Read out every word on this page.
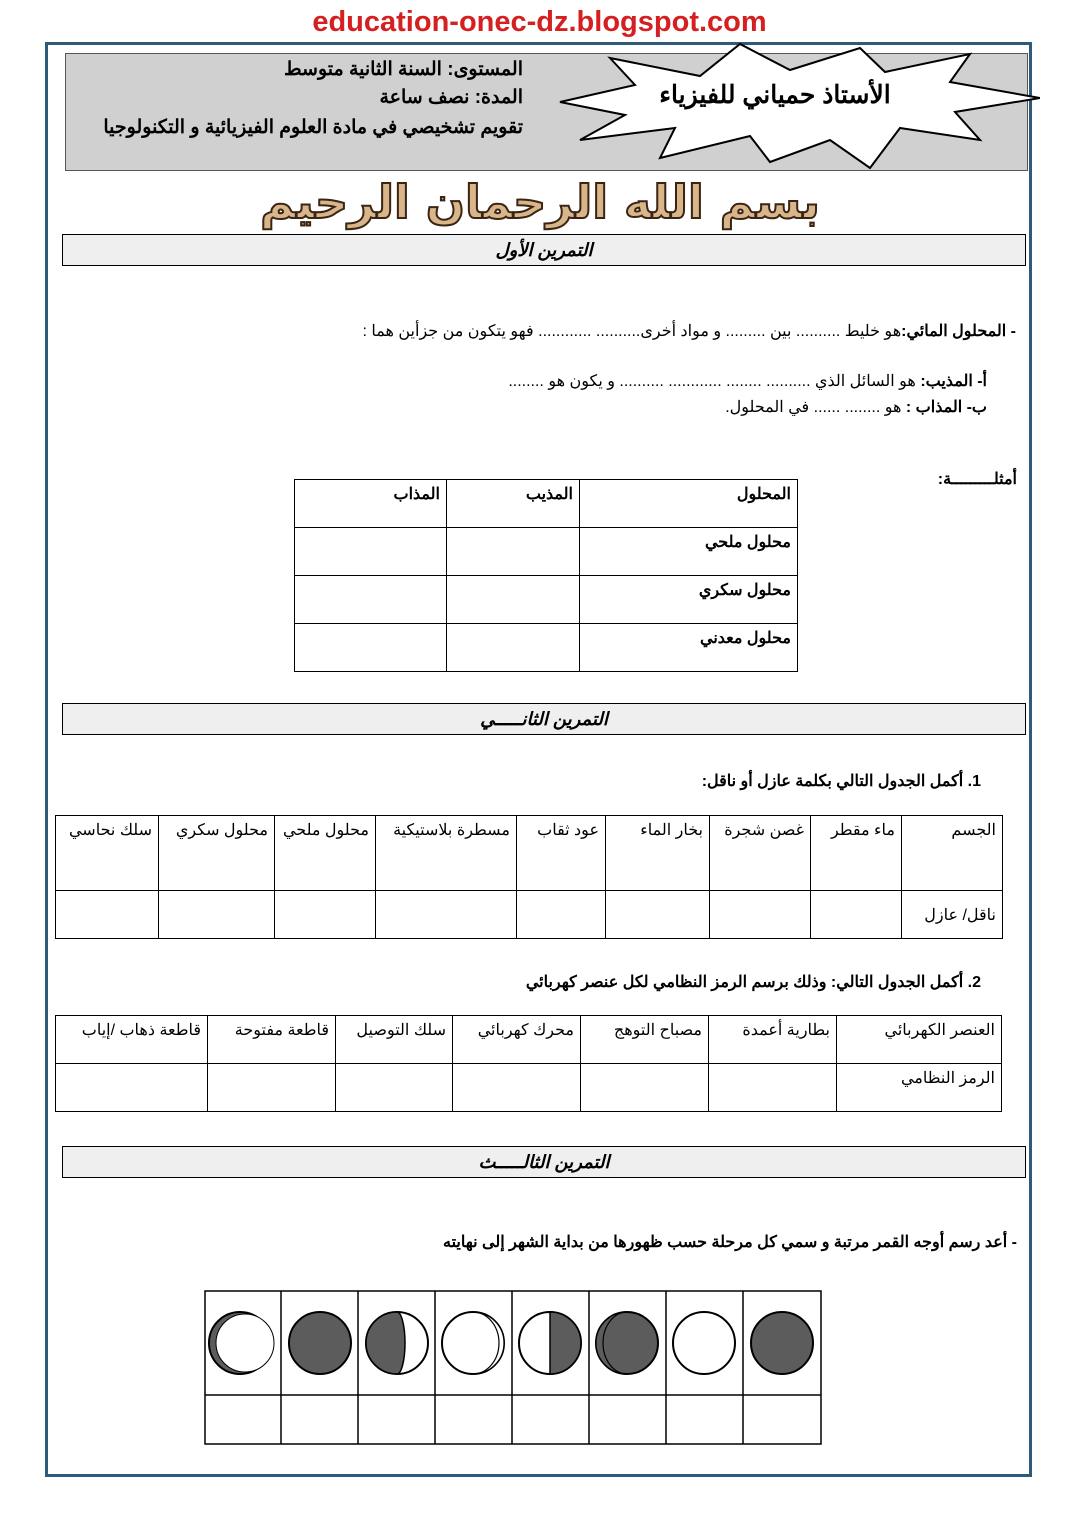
education-onec-dz.blogspot.com
المستوى: السنة الثانية متوسط
المدة: نصف ساعة
تقويم تشخيصي في مادة العلوم الفيزيائية و التكنولوجيا
الأستاذ حمياني للفيزياء
بسم الله الرحمان الرحيم
التمرين الأول
- المحلول المائي:هو خليط .......... بين ......... و مواد أخرى.......... ............ فهو يتكون من جزأين هما :
أ- المذيب: هو السائل الذي .......... ........ ............ .......... و يكون هو ........
ب- المذاب : هو ........ ...... في المحلول.
أمثلـــــــــة:
المحلول	المذيب	المذاب
محلول ملحي		
محلول سكري		
محلول معدني		
التمرين الثانـــــي
1. أكمل الجدول التالي بكلمة عازل أو ناقل:
الجسم	ماء مقطر	غصن شجرة	بخار الماء	عود ثقاب	مسطرة بلاستيكية	محلول ملحي	محلول سكري	سلك نحاسي
ناقل/ عازل								
2. أكمل الجدول التالي: وذلك برسم الرمز النظامي لكل عنصر كهربائي
العنصر الكهربائي	بطارية أعمدة	مصباح التوهج	محرك كهربائي	سلك التوصيل	قاطعة مفتوحة	قاطعة ذهاب /إياب
الرمز النظامي						
التمرين الثالـــــث
- أعد رسم أوجه القمر مرتبة و سمي كل مرحلة حسب ظهورها من بداية الشهر إلى نهايته
